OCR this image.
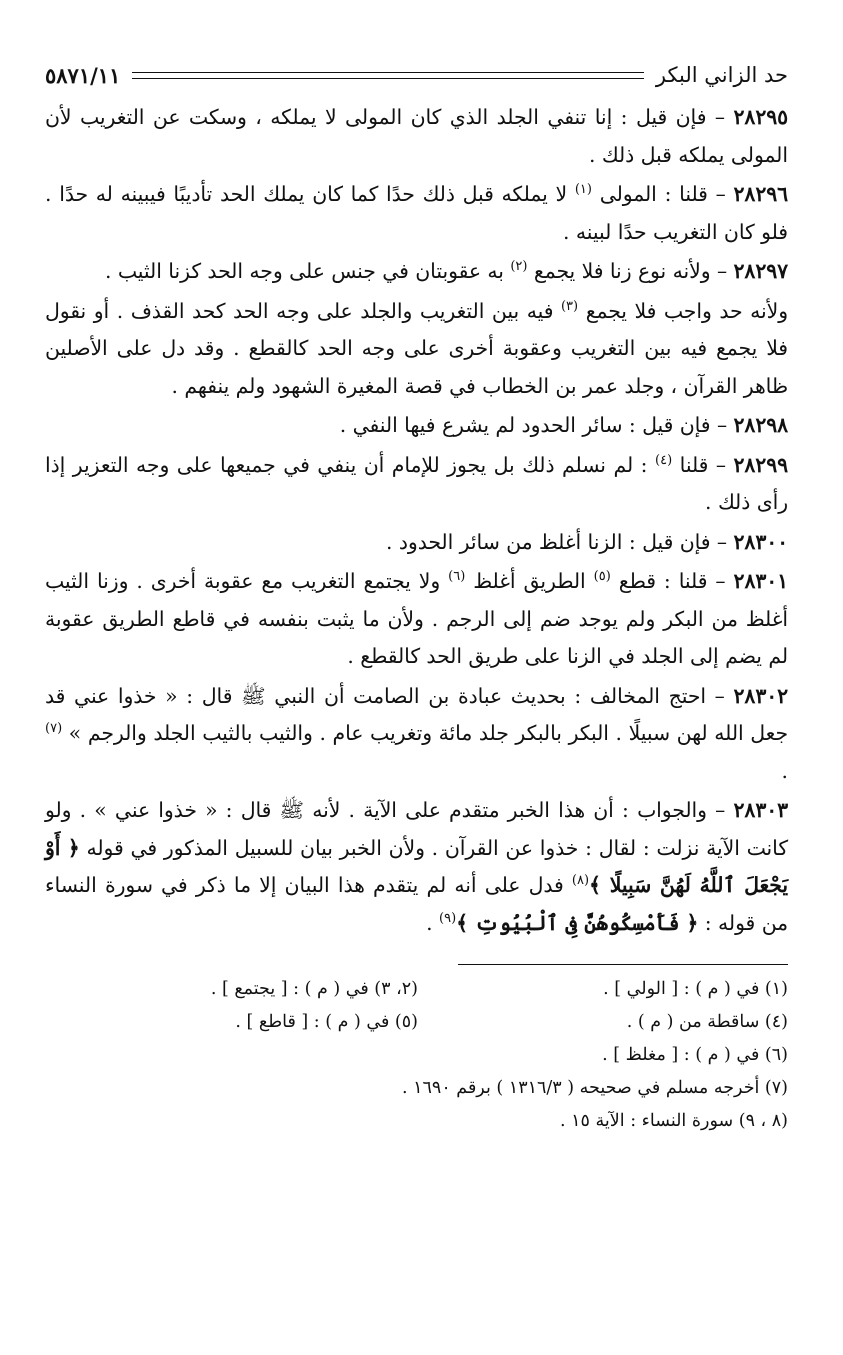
٥٨٧١/١١	حد الزاني البكر

٢٨٢٩٥ – فإن قيل : إنا تنفي الجلد الذي كان المولى لا يملكه ، وسكت عن التغريب لأن المولى يملكه قبل ذلك .

٢٨٢٩٦ – قلنا : المولى $^{(١)}$ لا يملكه قبل ذلك حدًا كما كان يملك الحد تأديبًا فيبينه له حدًا . فلو كان التغريب حدًا لبينه .

٢٨٢٩٧ – ولأنه نوع زنا فلا يجمع $^{(٢)}$ به عقوبتان في جنس على وجه الحد كزنا الثيب .

ولأنه حد واجب فلا يجمع $^{(٣)}$ فيه بين التغريب والجلد على وجه الحد كحد القذف . أو نقول فلا يجمع فيه بين التغريب وعقوبة أخرى على وجه الحد كالقطع . وقد دل على الأصلين ظاهر القرآن ، وجلد عمر بن الخطاب في قصة المغيرة الشهود ولم ينفهم .

٢٨٢٩٨ – فإن قيل : سائر الحدود لم يشرع فيها النفي .

٢٨٢٩٩ – قلنا $^{(٤)}$ : لم نسلم ذلك بل يجوز للإمام أن ينفي في جميعها على وجه التعزير إذا رأى ذلك .

٢٨٣٠٠ – فإن قيل : الزنا أغلظ من سائر الحدود .

٢٨٣٠١ – قلنا : قطع $^{(٥)}$ الطريق أغلظ $^{(٦)}$ ولا يجتمع التغريب مع عقوبة أخرى . وزنا الثيب أغلظ من البكر ولم يوجد ضم إلى الرجم . ولأن ما يثبت بنفسه في قاطع الطريق عقوبة لم يضم إلى الجلد في الزنا على طريق الحد كالقطع .

٢٨٣٠٢ – احتج المخالف : بحديث عبادة بن الصامت أن النبي ﷺ قال : « خذوا عني قد جعل الله لهن سبيلًا . البكر بالبكر جلد مائة وتغريب عام . والثيب بالثيب الجلد والرجم » $^{(٧)}$ .

٢٨٣٠٣ – والجواب : أن هذا الخبر متقدم على الآية . لأنه ﷺ قال : « خذوا عني » . ولو كانت الآية نزلت : لقال : خذوا عن القرآن . ولأن الخبر بيان للسبيل المذكور في قوله ﴿ أَوْ يَجْعَلَ ٱللَّهُ لَهُنَّ سَبِيلًا ﴾$^{(٨)}$ فدل على أنه لم يتقدم هذا البيان إلا ما ذكر في سورة النساء من قوله : ﴿ فَأَمْسِكُوهُنَّ فِى ٱلْبُيُوتِ ﴾$^{(٩)}$ .

(١) في ( م ) : [ الولي ] .
(٢، ٣) في ( م ) : [ يجتمع ] .
(٤) ساقطة من ( م ) .
(٥) في ( م ) : [ قاطع ] .
(٦) في ( م ) : [ مغلظ ] .
(٧) أخرجه مسلم في صحيحه ( ١٣١٦/٣ ) برقم ١٦٩٠ .
(٨ ، ٩) سورة النساء : الآية ١٥ .
